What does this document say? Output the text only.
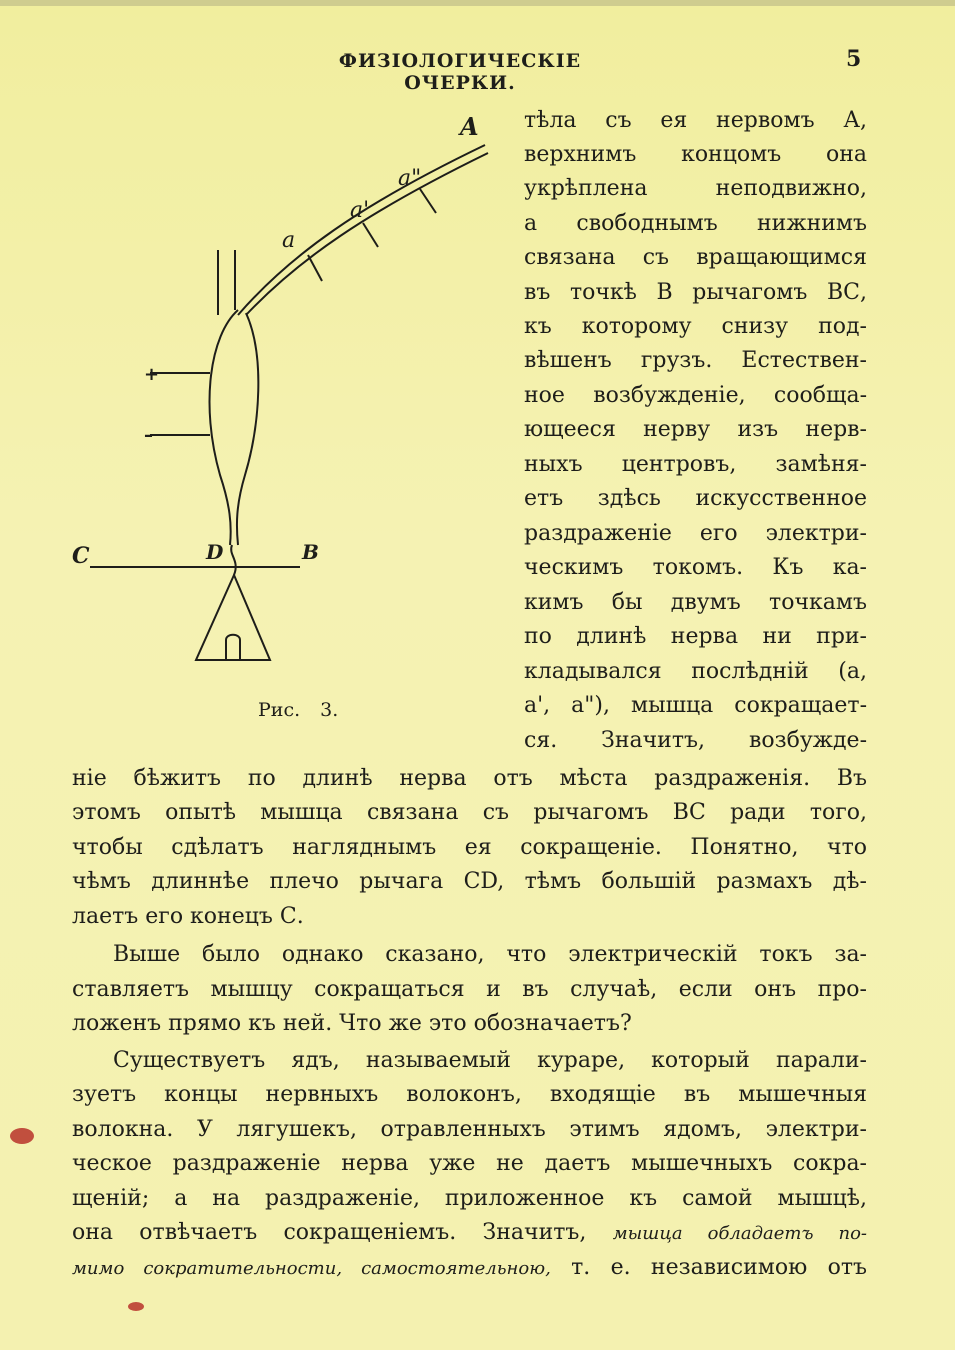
ФИЗIОЛОГИЧЕСКIЕ ОЧЕРКИ.
5
A
a"
a'
a
C	D	B
+
–
Рис. 3.
тѣла съ ея нервомъ А,
верхнимъ концомъ она
укрѣплена неподвижно,
а свободнымъ нижнимъ
связана съ вращающимся
въ точкѣ В рычагомъ ВС,
къ которому снизу под-
вѣшенъ грузъ. Естествен-
ное возбужденіе, сообща-
ющееся нерву изъ нерв-
ныхъ центровъ, замѣня-
етъ здѣсь искусственное
раздраженіе его электри-
ческимъ токомъ. Къ ка-
кимъ бы двумъ точкамъ
по длинѣ нерва ни при-
кладывался послѣдній (а,
а', а"), мышца сокращает-
ся. Значитъ, возбужде-
ніе бѣжитъ по длинѣ нерва отъ мѣста раздраженія. Въ
этомъ опытѣ мышца связана съ рычагомъ ВС ради того,
чтобы сдѣлатъ нагляднымъ ея сокращеніе. Понятно, что
чѣмъ длиннѣе плечо рычага СD, тѣмъ большій размахъ дѣ-
лаетъ его конецъ С.
Выше было однако сказано, что электрическій токъ за-
ставляетъ мышцу сокращаться и въ случаѣ, если онъ про-
ложенъ прямо къ ней. Что же это обозначаетъ?
Существуетъ ядъ, называемый кураре, который парали-
зуетъ концы нервныхъ волоконъ, входящіе въ мышечныя
волокна. У лягушекъ, отравленныхъ этимъ ядомъ, электри-
ческое раздраженіе нерва уже не даетъ мышечныхъ сокра-
щеній; а на раздраженіе, приложенное къ самой мышцѣ,
она отвѣчаетъ сокращеніемъ. Значитъ, мышца обладаетъ по-
мимо сократительности, самостоятельною, т. е. независимою отъ
